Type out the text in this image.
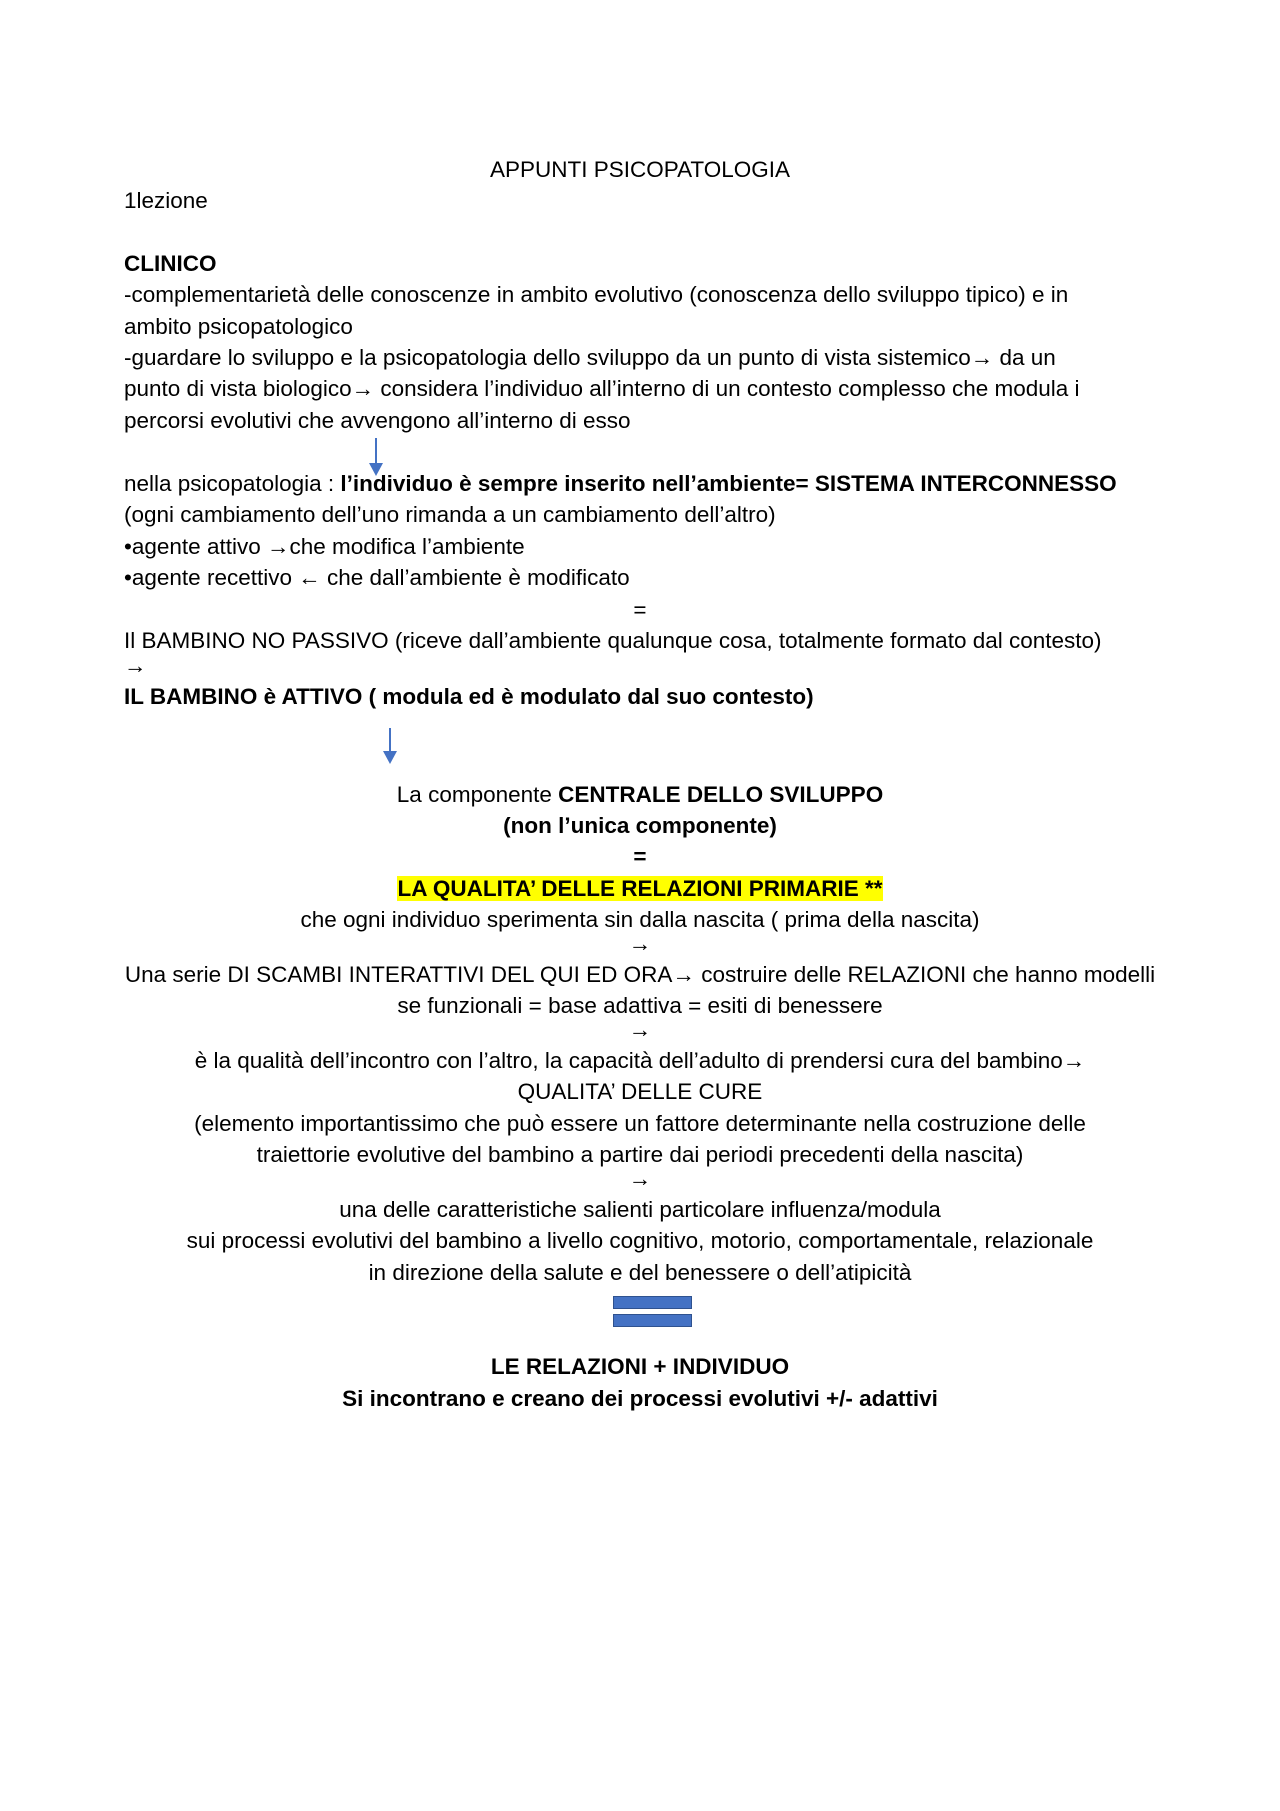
APPUNTI PSICOPATOLOGIA
1lezione
CLINICO
-complementarietà delle conoscenze in ambito evolutivo (conoscenza dello sviluppo tipico) e in
ambito psicopatologico
-guardare lo sviluppo e la psicopatologia dello sviluppo da un punto di vista sistemico→ da un
punto di vista biologico→ considera l’individuo all’interno di un contesto complesso che modula i
percorsi evolutivi che avvengono all’interno di esso
nella psicopatologia : l’individuo è sempre inserito nell’ambiente= SISTEMA INTERCONNESSO
(ogni cambiamento dell’uno rimanda a un cambiamento dell’altro)
•agente attivo →che modifica l’ambiente
•agente recettivo ← che dall’ambiente è modificato
=
Il BAMBINO NO PASSIVO (riceve dall’ambiente qualunque cosa, totalmente formato dal contesto)
→
IL BAMBINO è ATTIVO ( modula ed è modulato dal suo contesto)
La componente CENTRALE DELLO SVILUPPO
(non l’unica componente)
=
LA QUALITA’ DELLE RELAZIONI PRIMARIE **
che ogni individuo sperimenta sin dalla nascita ( prima della nascita)
→
Una serie DI SCAMBI INTERATTIVI DEL QUI ED ORA→ costruire delle RELAZIONI che hanno modelli
se funzionali = base adattiva = esiti di benessere
→
è la qualità dell’incontro con l’altro, la capacità dell’adulto di prendersi cura del bambino→
QUALITA’ DELLE CURE
(elemento importantissimo che può essere un fattore determinante nella costruzione delle
traiettorie evolutive del bambino a partire dai periodi precedenti della nascita)
→
una delle caratteristiche salienti particolare influenza/modula
sui processi evolutivi del bambino a livello cognitivo, motorio, comportamentale, relazionale
in direzione della salute e del benessere o dell’atipicità
LE RELAZIONI + INDIVIDUO
Si incontrano e creano dei processi evolutivi +/- adattivi
